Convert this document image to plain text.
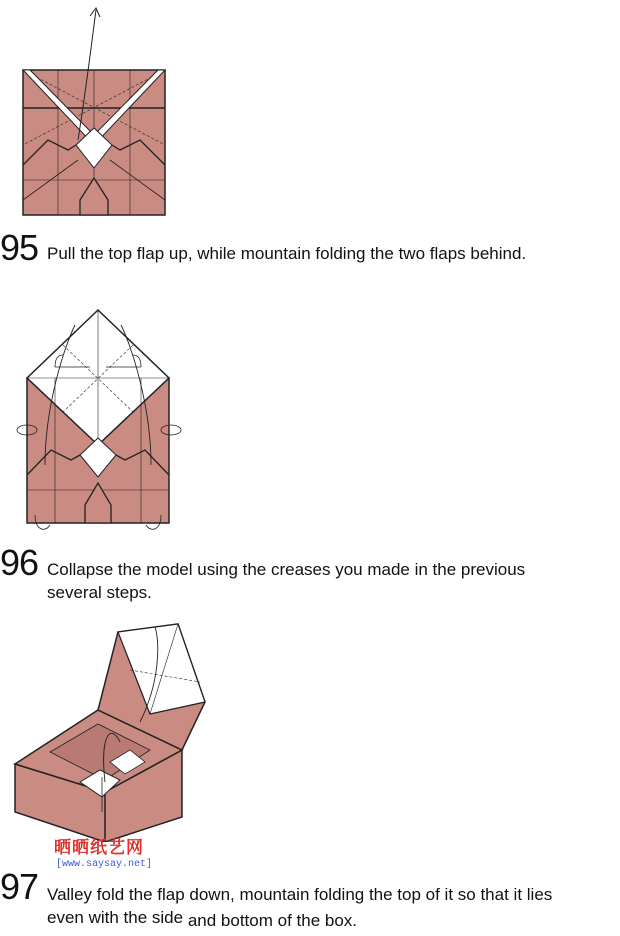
95 Pull the top flap up, while mountain folding the two flaps behind.
96 Collapse the model using the creases you made in the previous
several steps.
晒晒纸艺网
[www.saysay.net]
97 Valley fold the flap down, mountain folding the top of it so that it lies
even with the side and bottom of the box.
